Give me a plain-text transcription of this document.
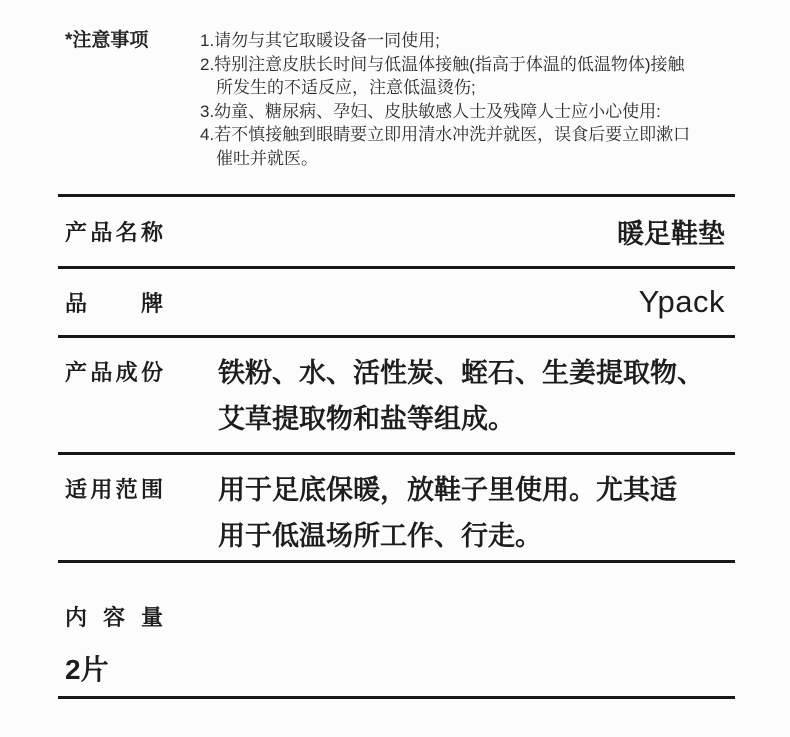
*注意事项	1.请勿与其它取暖设备一同使用;
2.特别注意皮肤长时间与低温体接触(指高于体温的低温物体)接触
所发生的不适反应，注意低温烫伤;
3.幼童、糖尿病、孕妇、皮肤敏感人士及残障人士应小心使用:
4.若不慎接触到眼睛要立即用清水冲洗并就医，误食后要立即漱口
催吐并就医。
产品名称	暖足鞋垫
品牌	Ypack
产品成份 铁粉、水、活性炭、蛭石、生姜提取物、
艾草提取物和盐等组成。
适用范围 用于足底保暖，放鞋子里使用。尤其适
用于低温场所工作、行走。
内容量
2片
